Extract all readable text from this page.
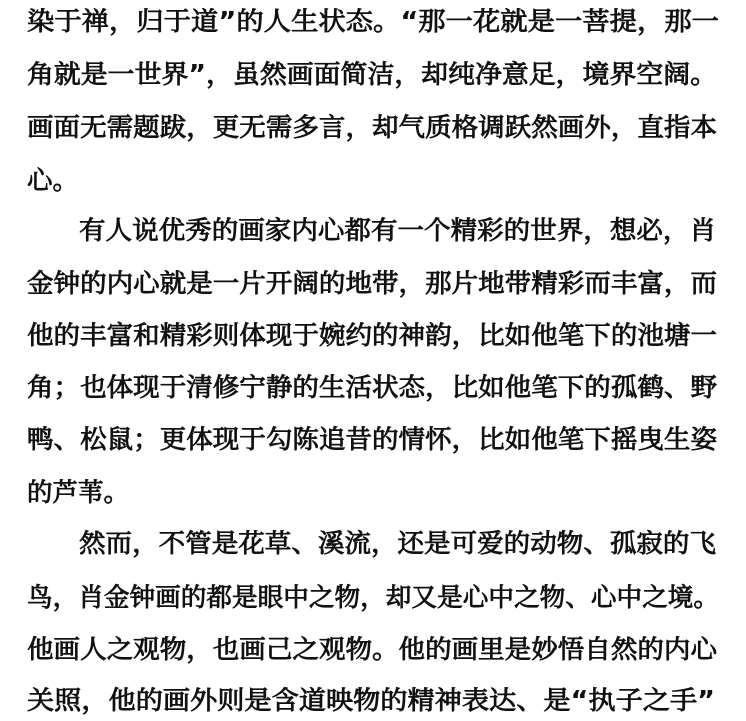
染于禅，归于道”的人生状态。“那一花就是一菩提，那一
角就是一世界”，虽然画面简洁，却纯净意足，境界空阔。
画面无需题跋，更无需多言，却气质格调跃然画外，直指本
心。
有人说优秀的画家内心都有一个精彩的世界，想必，肖
金钟的内心就是一片开阔的地带，那片地带精彩而丰富，而
他的丰富和精彩则体现于婉约的神韵，比如他笔下的池塘一
角；也体现于清修宁静的生活状态，比如他笔下的孤鹤、野
鸭、松鼠；更体现于勾陈追昔的情怀，比如他笔下摇曳生姿
的芦苇。
然而，不管是花草、溪流，还是可爱的动物、孤寂的飞
鸟，肖金钟画的都是眼中之物，却又是心中之物、心中之境。
他画人之观物，也画己之观物。他的画里是妙悟自然的内心
关照，他的画外则是含道映物的精神表达、是“执子之手”
